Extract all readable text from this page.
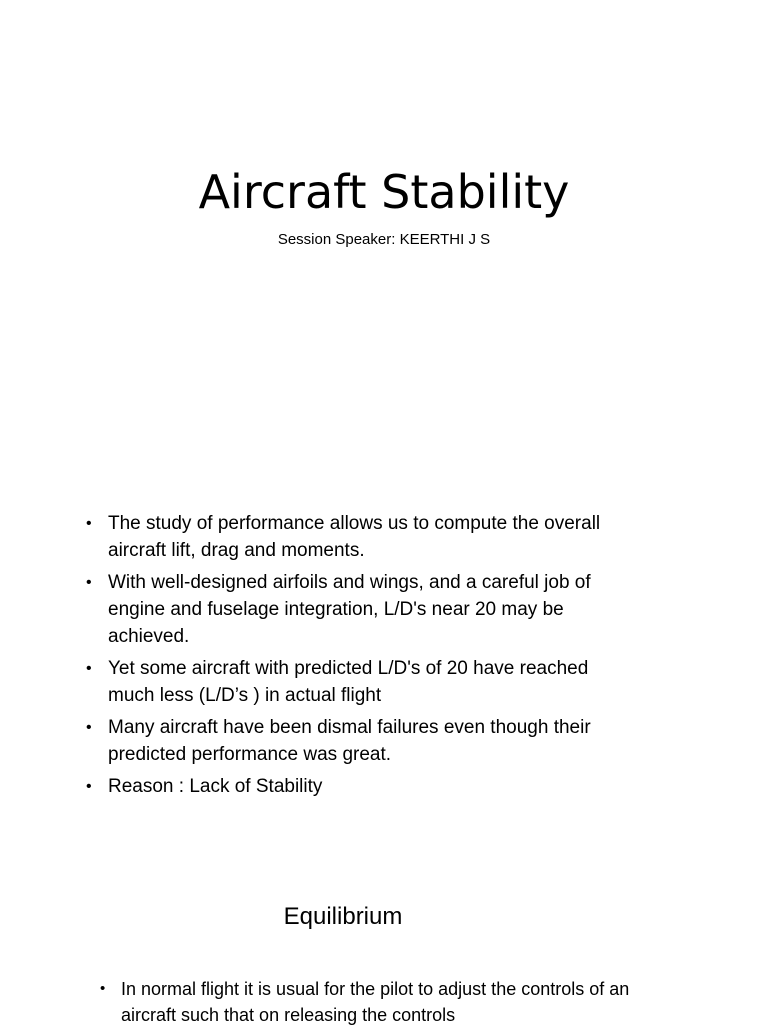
Aircraft Stability
Session Speaker: KEERTHI J S
• The study of performance allows us to compute the overall aircraft lift, drag and moments.
• With well-designed airfoils and wings, and a careful job of engine and fuselage integration, L/D's near 20 may be achieved.
• Yet some aircraft with predicted L/D's of 20 have reached much less (L/D’s ) in actual flight
• Many aircraft have been dismal failures even though their predicted performance was great.
• Reason : Lack of Stability
Equilibrium
• In normal flight it is usual for the pilot to adjust the controls of an aircraft such that on releasing the controls
